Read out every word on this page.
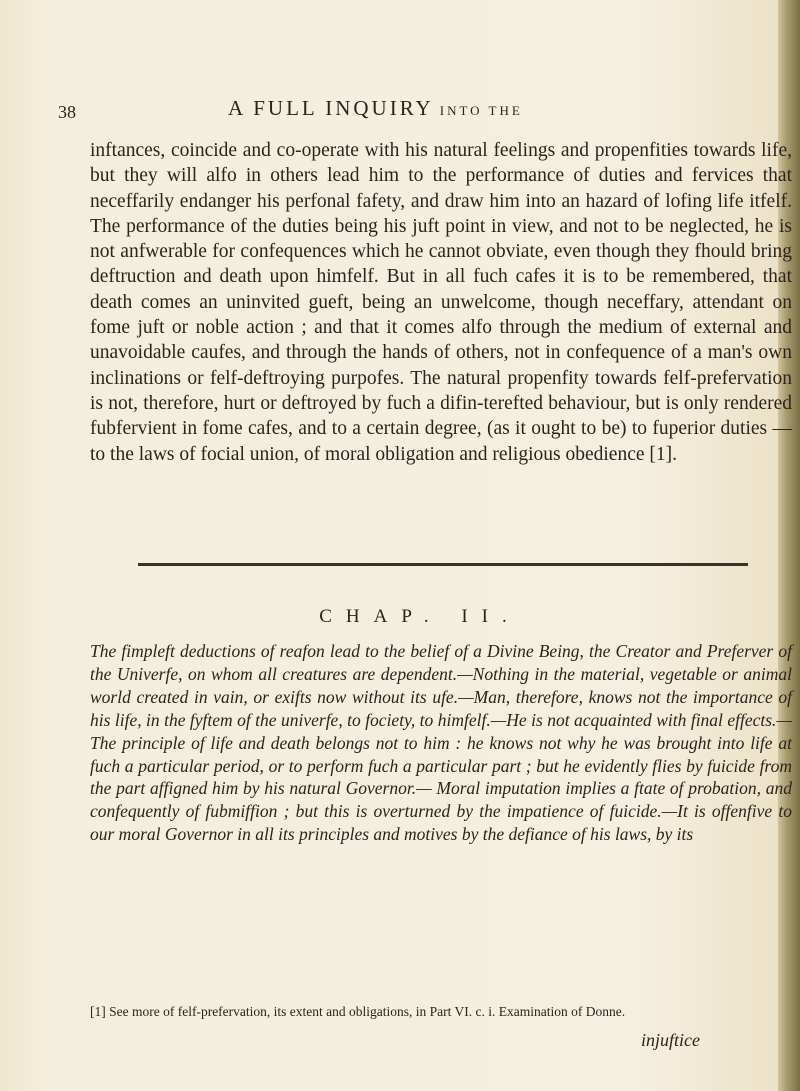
38	A FULL INQUIRY INTO THE

inftances, coincide and co-operate with his natural feelings and propenfities towards life, but they will alfo in others lead him to the performance of duties and fervices that neceffarily endanger his perfonal fafety, and draw him into an hazard of lofing life itfelf. The performance of the duties being his juft point in view, and not to be neglected, he is not anfwerable for confequences which he cannot obviate, even though they fhould bring deftruction and death upon himfelf. But in all fuch cafes it is to be remembered, that death comes an uninvited gueft, being an unwelcome, though neceffary, attendant on fome juft or noble action ; and that it comes alfo through the medium of external and unavoidable caufes, and through the hands of others, not in confequence of a man's own inclinations or felf-deftroying purpofes. The natural propenfity towards felf-prefervation is not, therefore, hurt or deftroyed by fuch a difin-terefted behaviour, but is only rendered fubfervient in fome cafes, and to a certain degree, (as it ought to be) to fuperior duties — to the laws of focial union, of moral obligation and religious obedience [1].

CHAP. II.
The fimpleft deductions of reafon lead to the belief of a Divine Being, the Creator and Preferver of the Univerfe, on whom all creatures are dependent.—Nothing in the material, vegetable or animal world created in vain, or exifts now without its ufe.—Man, therefore, knows not the importance of his life, in the fyftem of the univerfe, to fociety, to himfelf.—He is not acquainted with final effects.—The principle of life and death belongs not to him : he knows not why he was brought into life at fuch a particular period, or to perform fuch a particular part ; but he evidently flies by fuicide from the part affigned him by his natural Governor.— Moral imputation implies a ftate of probation, and confequently of fubmiffion ; but this is overturned by the impatience of fuicide.—It is offenfive to our moral Governor in all its principles and motives by the defiance of his laws, by its
[1] See more of felf-prefervation, its extent and obligations, in Part VI. c. i. Examination of Donne.
injuftice
